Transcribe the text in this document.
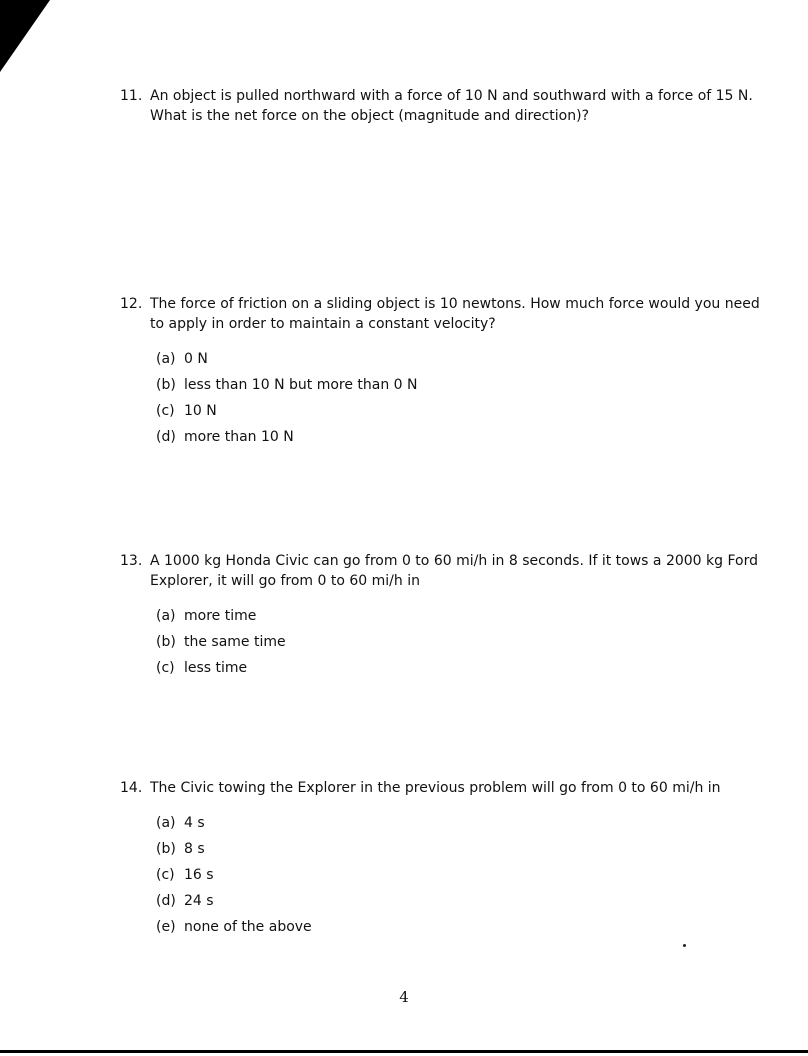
11. An object is pulled northward with a force of 10 N and southward with a force of 15 N. What is the net force on the object (magnitude and direction)?
12. The force of friction on a sliding object is 10 newtons. How much force would you need to apply in order to maintain a constant velocity?
(a) 0 N
(b) less than 10 N but more than 0 N
(c) 10 N
(d) more than 10 N
13. A 1000 kg Honda Civic can go from 0 to 60 mi/h in 8 seconds. If it tows a 2000 kg Ford Explorer, it will go from 0 to 60 mi/h in
(a) more time
(b) the same time
(c) less time
14. The Civic towing the Explorer in the previous problem will go from 0 to 60 mi/h in
(a) 4 s
(b) 8 s
(c) 16 s
(d) 24 s
(e) none of the above
4
